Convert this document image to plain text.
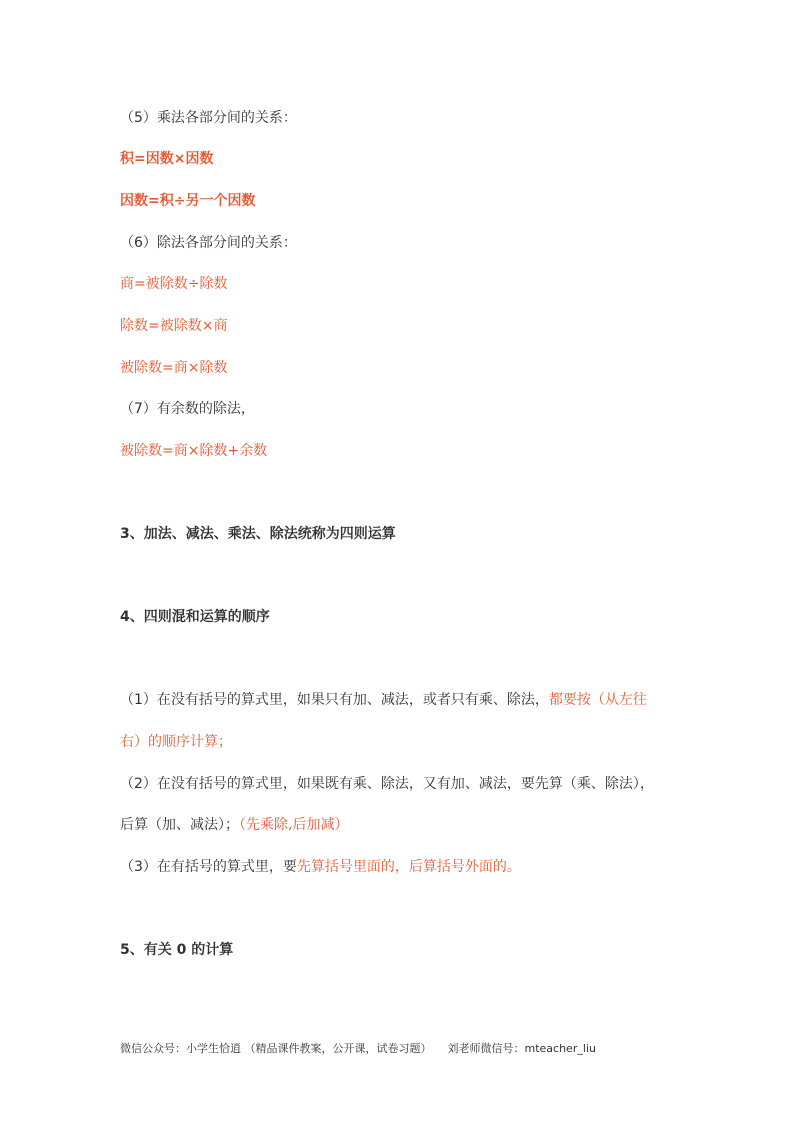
（5）乘法各部分间的关系：
积=因数×因数
因数=积÷另一个因数
（6）除法各部分间的关系：
商=被除数÷除数
除数=被除数×商
被除数=商×除数
（7）有余数的除法，
被除数=商×除数+余数
3、加法、减法、乘法、除法统称为四则运算
4、四则混和运算的顺序
（1）在没有括号的算式里，如果只有加、减法，或者只有乘、除法，都要按（从左往
右）的顺序计算；
（2）在没有括号的算式里，如果既有乘、除法，又有加、减法，要先算（乘、除法），
后算（加、减法）；（先乘除,后加减）
（3）在有括号的算式里，要先算括号里面的，后算括号外面的。
5、有关 0 的计算
微信公众号：小学生恰逍 （精品课件教案，公开课，试卷习题） 刘老师微信号：mteacher_liu
